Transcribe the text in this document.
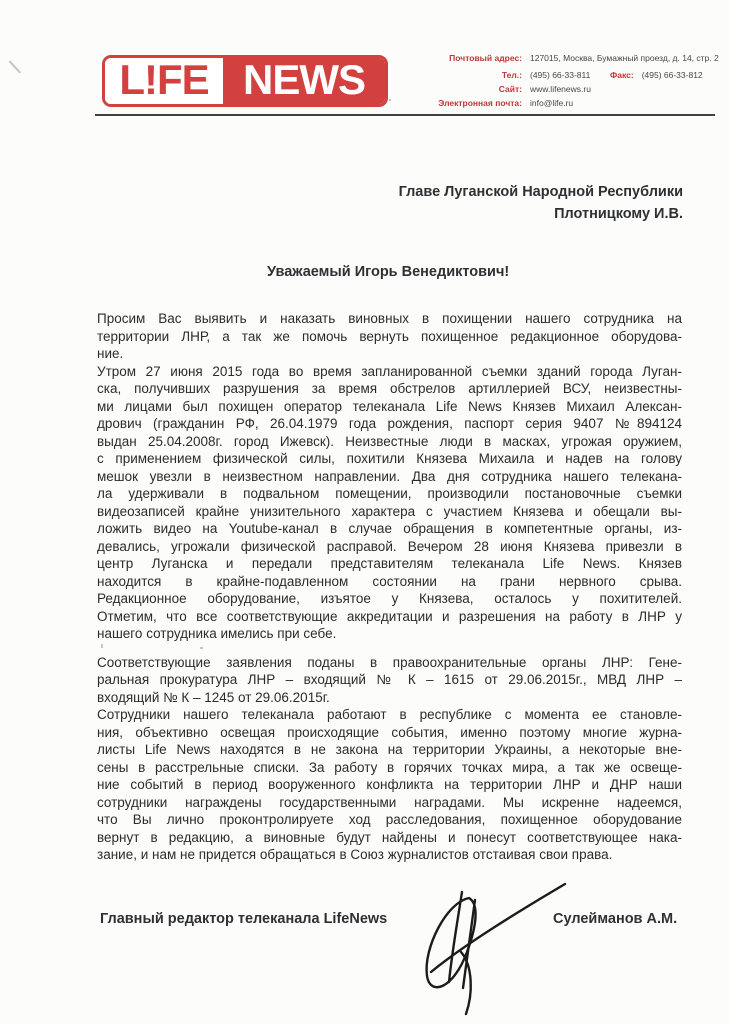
L!FE NEWS	Почтовый адрес: 127015, Москва, Бумажный проезд, д. 14, стр. 2
Тел.: (495) 66-33-811	Факс: (495) 66-33-812
Сайт: www.lifenews.ru
Электронная почта: info@life.ru
Главе Луганской Народной Республики
Плотницкому И.В.
Уважаемый Игорь Венедиктович!
Просим Вас выявить и наказать виновных в похищении нашего сотрудника на
территории ЛНР, а так же помочь вернуть похищенное редакционное оборудова-
ние.
Утром 27 июня 2015 года во время запланированной съемки зданий города Луган-
ска, получивших разрушения за время обстрелов артиллерией ВСУ, неизвестны-
ми лицами был похищен оператор телеканала Life News Князев Михаил Алексан-
дрович (гражданин РФ, 26.04.1979 года рождения, паспорт серия 9407 №894124
выдан 25.04.2008г. город Ижевск). Неизвестные люди в масках, угрожая оружием,
с применением физической силы, похитили Князева Михаила и надев на голову
мешок увезли в неизвестном направлении. Два дня сотрудника нашего телекана-
ла удерживали в подвальном помещении, производили постановочные съемки
видеозаписей крайне унизительного характера с участием Князева и обещали вы-
ложить видео на Youtube-канал в случае обращения в компетентные органы, из-
девались, угрожали физической расправой. Вечером 28 июня Князева привезли в
центр Луганска и передали представителям телеканала Life News. Князев
находится в крайне-подавленном состоянии на грани нервного срыва.
Редакционное оборудование, изъятое у Князева, осталось у похитителей.
Отметим, что все соответствующие аккредитации и разрешения на работу в ЛНР у
нашего сотрудника имелись при себе.
Соответствующие заявления поданы в правоохранительные органы ЛНР: Гене-
ральная прокуратура ЛНР – входящий № К – 1615 от 29.06.2015г., МВД ЛНР –
входящий № К – 1245 от 29.06.2015г.
Сотрудники нашего телеканала работают в республике с момента ее становле-
ния, объективно освещая происходящие события, именно поэтому многие журна-
листы Life News находятся в не закона на территории Украины, а некоторые вне-
сены в расстрельные списки. За работу в горячих точках мира, а так же освеще-
ние событий в период вооруженного конфликта на территории ЛНР и ДНР наши
сотрудники награждены государственными наградами. Мы искренне надеемся,
что Вы лично проконтролируете ход расследования, похищенное оборудование
вернут в редакцию, а виновные будут найдены и понесут соответствующее нака-
зание, и нам не придется обращаться в Союз журналистов отстаивая свои права.
Главный редактор телеканала LifeNews	Сулейманов А.М.
